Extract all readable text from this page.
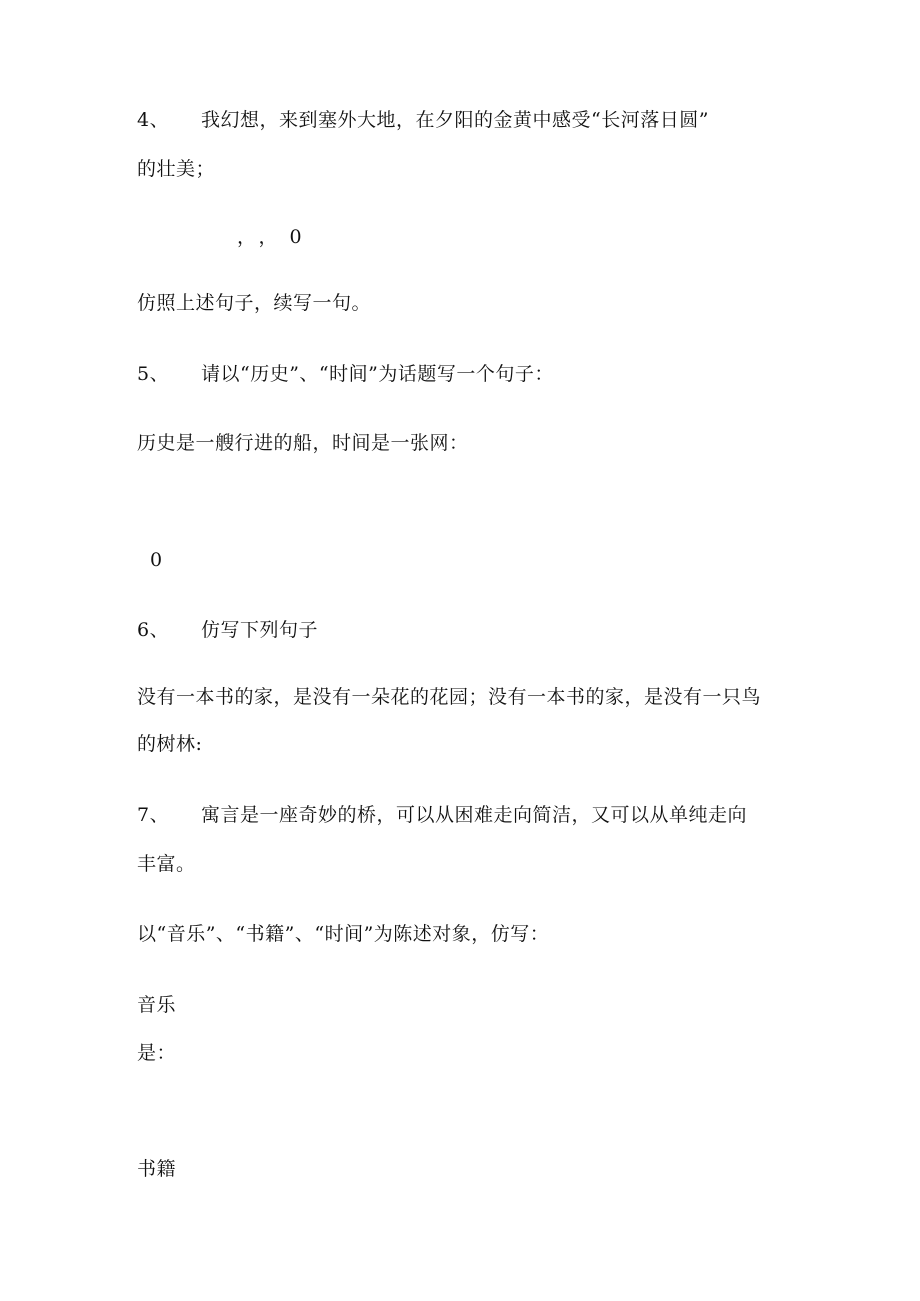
4、 我幻想，来到塞外大地，在夕阳的金黄中感受“长河落日圆”
的壮美；
，，0
仿照上述句子，续写一句。
5、 请以“历史”、“时间”为话题写一个句子：
历史是一艘行进的船，时间是一张网：
0
6、 仿写下列句子
没有一本书的家，是没有一朵花的花园；没有一本书的家，是没有一只鸟
的树林:
7、 寓言是一座奇妙的桥，可以从困难走向简洁，又可以从单纯走向
丰富。
以“音乐”、“书籍”、“时间”为陈述对象，仿写：
音乐
是：
书籍
